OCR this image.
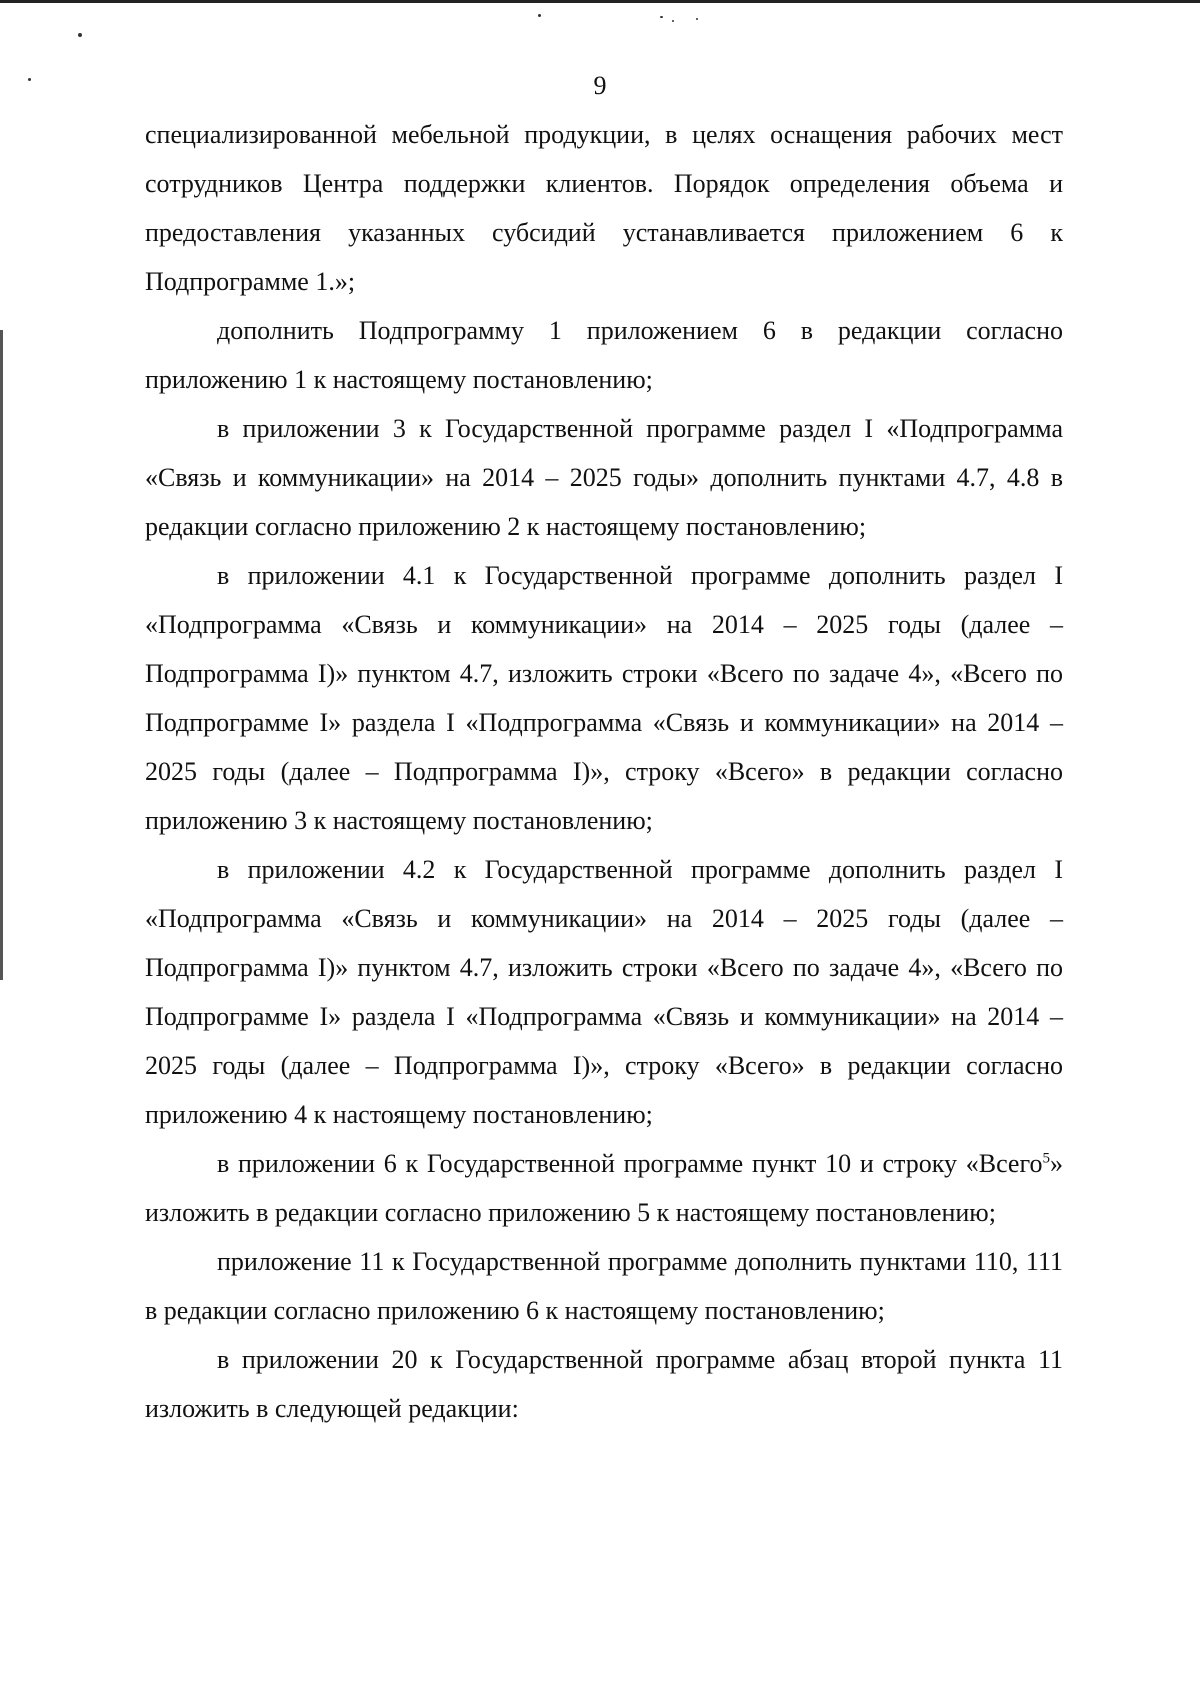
9

специализированной мебельной продукции, в целях оснащения рабочих мест сотрудников Центра поддержки клиентов. Порядок определения объема и предоставления указанных субсидий устанавливается приложением 6 к Подпрограмме 1.»;

дополнить Подпрограмму 1 приложением 6 в редакции согласно приложению 1 к настоящему постановлению;

в приложении 3 к Государственной программе раздел I «Подпрограмма «Связь и коммуникации» на 2014 – 2025 годы» дополнить пунктами 4.7, 4.8 в редакции согласно приложению 2 к настоящему постановлению;

в приложении 4.1 к Государственной программе дополнить раздел I «Подпрограмма «Связь и коммуникации» на 2014 – 2025 годы (далее – Подпрограмма I)» пунктом 4.7, изложить строки «Всего по задаче 4», «Всего по Подпрограмме I» раздела I «Подпрограмма «Связь и коммуникации» на 2014 – 2025 годы (далее – Подпрограмма I)», строку «Всего» в редакции согласно приложению 3 к настоящему постановлению;

в приложении 4.2 к Государственной программе дополнить раздел I «Подпрограмма «Связь и коммуникации» на 2014 – 2025 годы (далее – Подпрограмма I)» пунктом 4.7, изложить строки «Всего по задаче 4», «Всего по Подпрограмме I» раздела I «Подпрограмма «Связь и коммуникации» на 2014 – 2025 годы (далее – Подпрограмма I)», строку «Всего» в редакции согласно приложению 4 к настоящему постановлению;

в приложении 6 к Государственной программе пункт 10 и строку «Всего$^5$» изложить в редакции согласно приложению 5 к настоящему постановлению;

приложение 11 к Государственной программе дополнить пунктами 110, 111 в редакции согласно приложению 6 к настоящему постановлению;

в приложении 20 к Государственной программе абзац второй пункта 11 изложить в следующей редакции:
